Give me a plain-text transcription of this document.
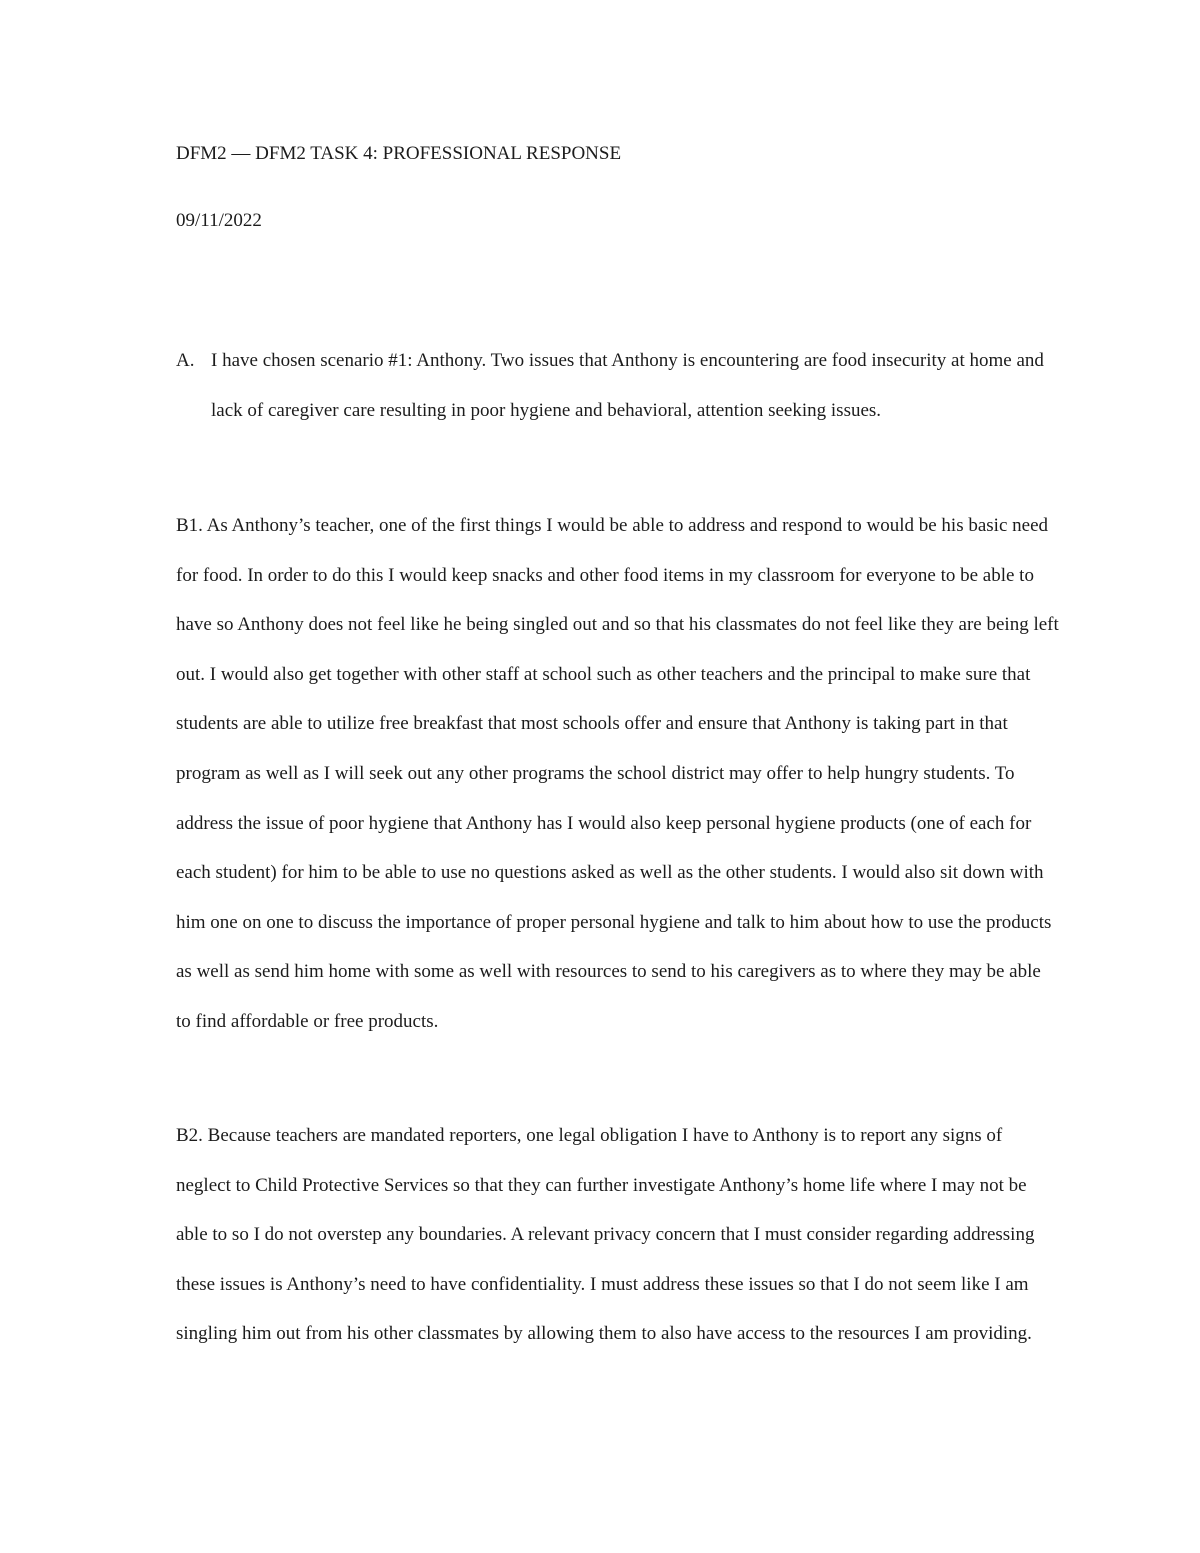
DFM2 — DFM2 TASK 4: PROFESSIONAL RESPONSE
09/11/2022
A. I have chosen scenario #1: Anthony. Two issues that Anthony is encountering are food insecurity at home and lack of caregiver care resulting in poor hygiene and behavioral, attention seeking issues.

B1. As Anthony’s teacher, one of the first things I would be able to address and respond to would be his basic need for food. In order to do this I would keep snacks and other food items in my classroom for everyone to be able to have so Anthony does not feel like he being singled out and so that his classmates do not feel like they are being left out. I would also get together with other staff at school such as other teachers and the principal to make sure that students are able to utilize free breakfast that most schools offer and ensure that Anthony is taking part in that program as well as I will seek out any other programs the school district may offer to help hungry students. To address the issue of poor hygiene that Anthony has I would also keep personal hygiene products (one of each for each student) for him to be able to use no questions asked as well as the other students. I would also sit down with him one on one to discuss the importance of proper personal hygiene and talk to him about how to use the products as well as send him home with some as well with resources to send to his caregivers as to where they may be able to find affordable or free products.

B2. Because teachers are mandated reporters, one legal obligation I have to Anthony is to report any signs of neglect to Child Protective Services so that they can further investigate Anthony’s home life where I may not be able to so I do not overstep any boundaries. A relevant privacy concern that I must consider regarding addressing these issues is Anthony’s need to have confidentiality. I must address these issues so that I do not seem like I am singling him out from his other classmates by allowing them to also have access to the resources I am providing.
